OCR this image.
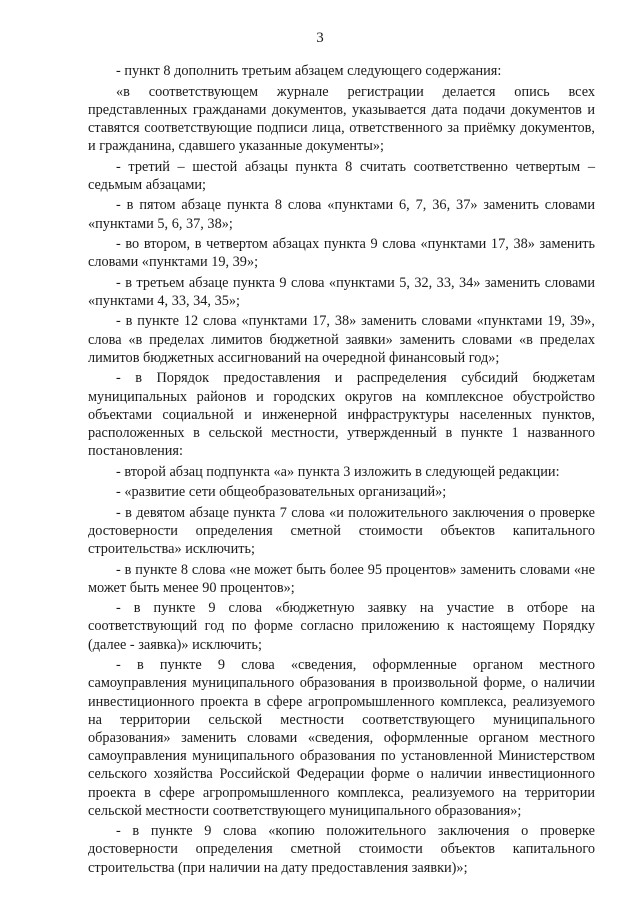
3

- пункт 8 дополнить третьим абзацем следующего содержания:

«в соответствующем журнале регистрации делается опись всех представленных гражданами документов, указывается дата подачи документов и ставятся соответствующие подписи лица, ответственного за приёмку документов, и гражданина, сдавшего указанные документы»;

- третий – шестой абзацы пункта 8 считать соответственно четвертым – седьмым абзацами;

- в пятом абзаце пункта 8 слова «пунктами 6, 7, 36, 37» заменить словами «пунктами 5, 6, 37, 38»;

- во втором, в четвертом абзацах пункта 9 слова «пунктами 17, 38» заменить словами «пунктами 19, 39»;

- в третьем абзаце пункта 9 слова «пунктами 5, 32, 33, 34» заменить словами «пунктами 4, 33, 34, 35»;

- в пункте 12 слова «пунктами 17, 38» заменить словами «пунктами 19, 39», слова «в пределах лимитов бюджетной заявки» заменить словами «в пределах лимитов бюджетных ассигнований на очередной финансовый год»;

- в Порядок предоставления и распределения субсидий бюджетам муниципальных районов и городских округов на комплексное обустройство объектами социальной и инженерной инфраструктуры населенных пунктов, расположенных в сельской местности, утвержденный в пункте 1 названного постановления:

- второй абзац подпункта «а» пункта 3 изложить в следующей редакции:

- «развитие сети общеобразовательных организаций»;

- в девятом абзаце пункта 7 слова «и положительного заключения о проверке достоверности определения сметной стоимости объектов капитального строительства» исключить;

- в пункте 8 слова «не может быть более 95 процентов» заменить словами «не может быть менее 90 процентов»;

- в пункте 9 слова «бюджетную заявку на участие в отборе на соответствующий год по форме согласно приложению к настоящему Порядку (далее - заявка)» исключить;

- в пункте 9 слова «сведения, оформленные органом местного самоуправления муниципального образования в произвольной форме, о наличии инвестиционного проекта в сфере агропромышленного комплекса, реализуемого на территории сельской местности соответствующего муниципального образования» заменить словами «сведения, оформленные органом местного самоуправления муниципального образования по установленной Министерством сельского хозяйства Российской Федерации форме о наличии инвестиционного проекта в сфере агропромышленного комплекса, реализуемого на территории сельской местности соответствующего муниципального образования»;

- в пункте 9 слова «копию положительного заключения о проверке достоверности определения сметной стоимости объектов капитального строительства (при наличии на дату предоставления заявки)»;
